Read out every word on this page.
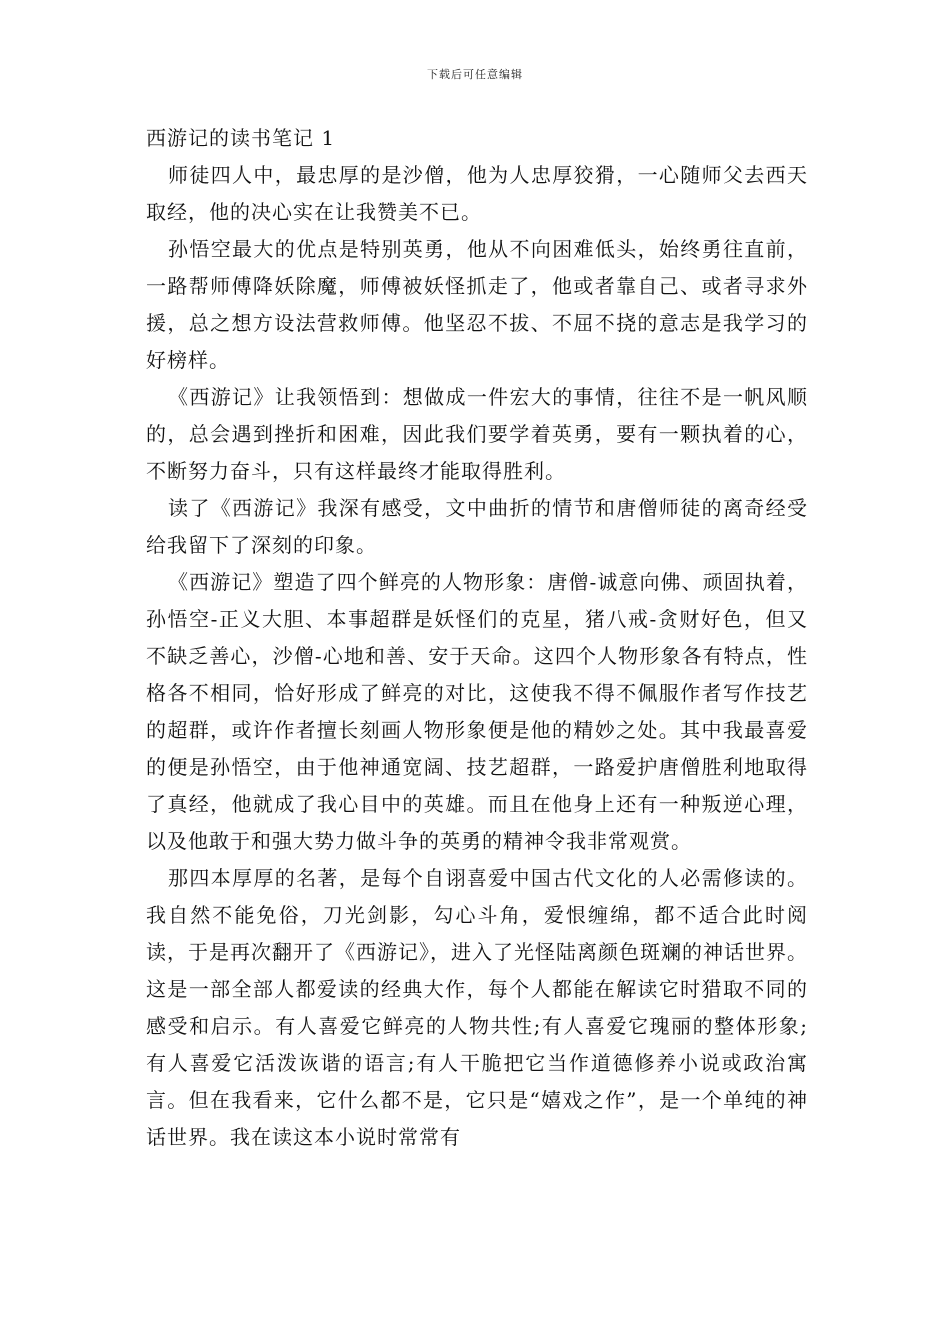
下载后可任意编辑
西游记的读书笔记 1

师徒四人中，最忠厚的是沙僧，他为人忠厚狡猾，一心随师父去西天取经，他的决心实在让我赞美不已。

孙悟空最大的优点是特别英勇，他从不向困难低头，始终勇往直前，一路帮师傅降妖除魔，师傅被妖怪抓走了，他或者靠自己、或者寻求外援，总之想方设法营救师傅。他坚忍不拔、不屈不挠的意志是我学习的好榜样。

《西游记》让我领悟到：想做成一件宏大的事情，往往不是一帆风顺的，总会遇到挫折和困难，因此我们要学着英勇，要有一颗执着的心，不断努力奋斗，只有这样最终才能取得胜利。

读了《西游记》我深有感受，文中曲折的情节和唐僧师徒的离奇经受给我留下了深刻的印象。

《西游记》塑造了四个鲜亮的人物形象：唐僧-诚意向佛、顽固执着，孙悟空-正义大胆、本事超群是妖怪们的克星，猪八戒-贪财好色，但又不缺乏善心，沙僧-心地和善、安于天命。这四个人物形象各有特点，性格各不相同，恰好形成了鲜亮的对比，这使我不得不佩服作者写作技艺的超群，或许作者擅长刻画人物形象便是他的精妙之处。其中我最喜爱的便是孙悟空，由于他神通宽阔、技艺超群，一路爱护唐僧胜利地取得了真经，他就成了我心目中的英雄。而且在他身上还有一种叛逆心理，以及他敢于和强大势力做斗争的英勇的精神令我非常观赏。

那四本厚厚的名著，是每个自诩喜爱中国古代文化的人必需修读的。我自然不能免俗，刀光剑影，勾心斗角，爱恨缠绵，都不适合此时阅读，于是再次翻开了《西游记》，进入了光怪陆离颜色斑斓的神话世界。这是一部全部人都爱读的经典大作，每个人都能在解读它时猎取不同的感受和启示。有人喜爱它鲜亮的人物共性;有人喜爱它瑰丽的整体形象;有人喜爱它活泼诙谐的语言;有人干脆把它当作道德修养小说或政治寓言。但在我看来，它什么都不是，它只是“嬉戏之作”，是一个单纯的神话世界。我在读这本小说时常常有
